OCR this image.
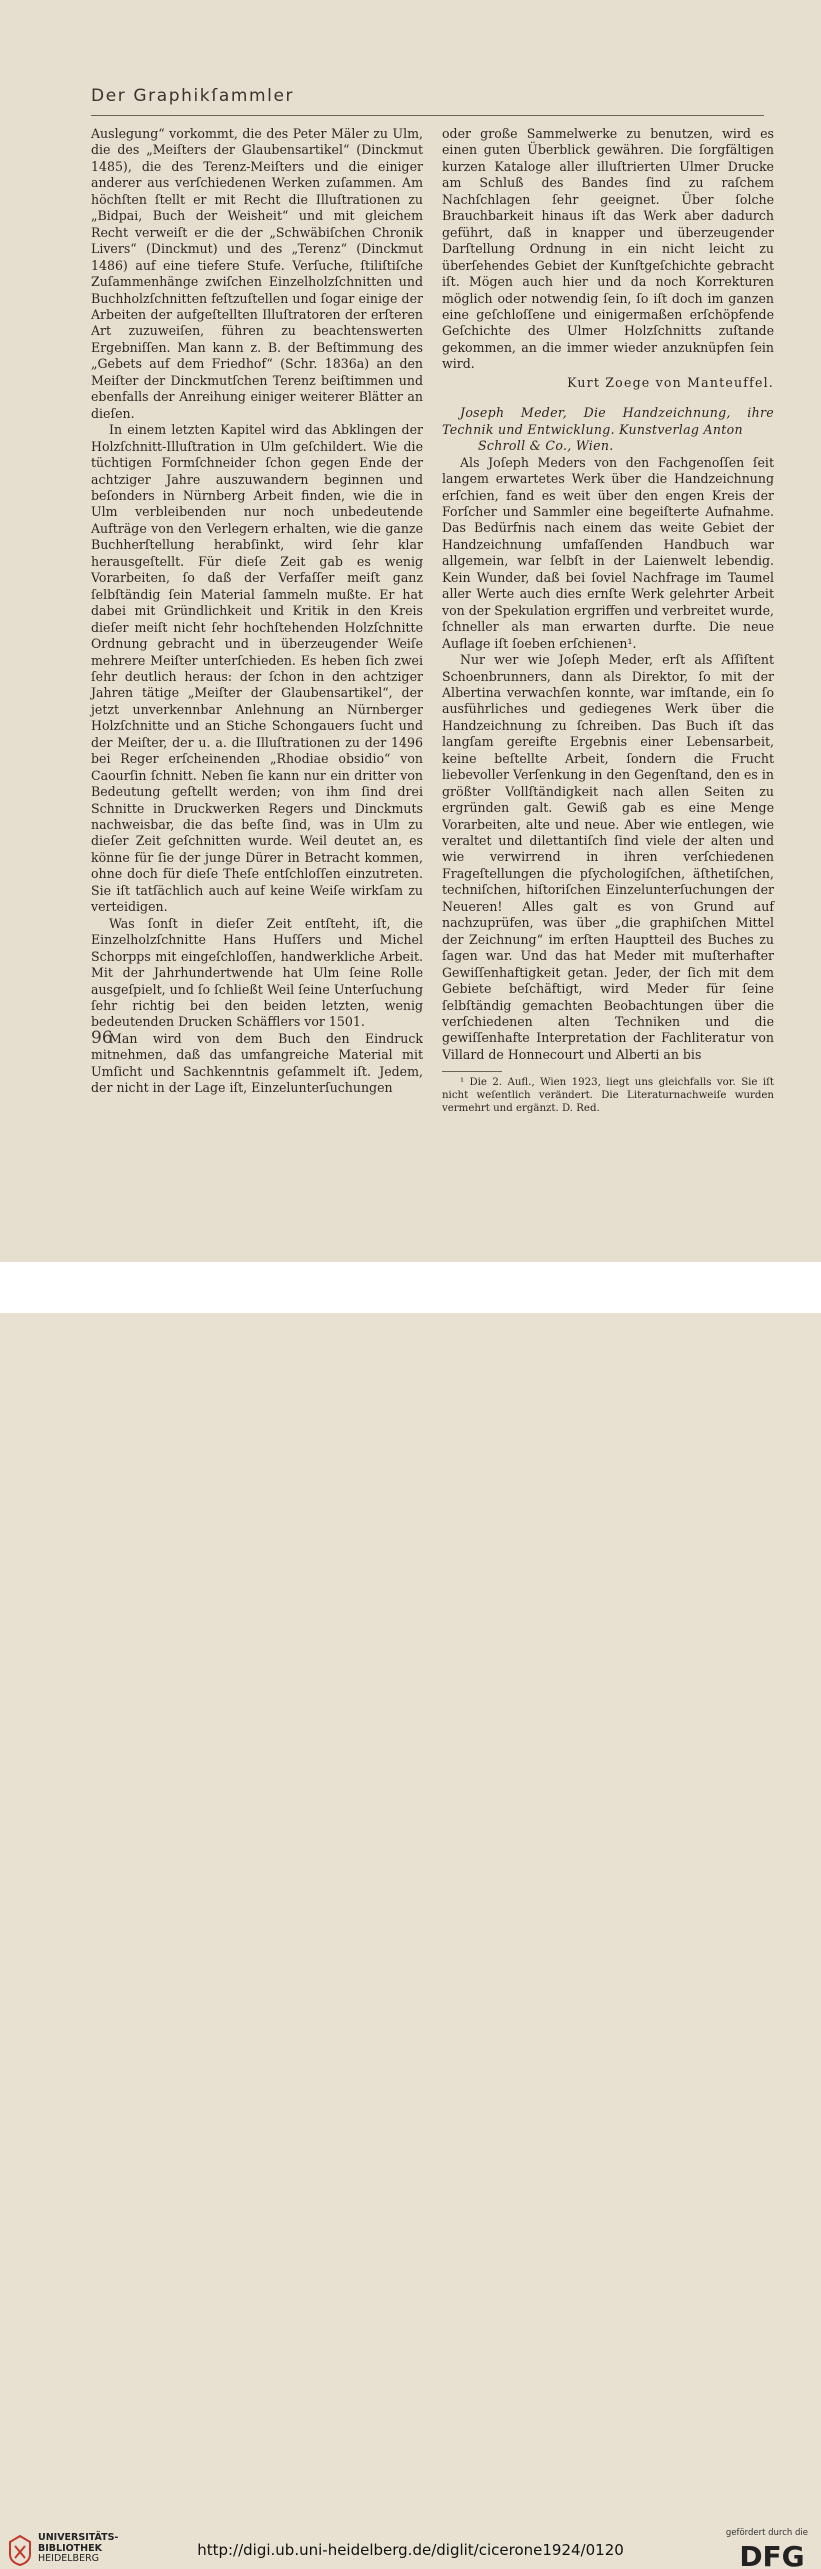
Der Graphikſammler

Auslegung“ vorkommt, die des Peter Mäler zu Ulm, die des „Meiſters der Glaubensartikel“ (Dinckmut 1485), die des Terenz-Meiſters und die einiger anderer aus verſchiedenen Werken zuſammen. Am höchſten ſtellt er mit Recht die Illuſtrationen zu „Bidpai, Buch der Weisheit“ und mit gleichem Recht verweiſt er die der „Schwäbiſchen Chronik Livers“ (Dinckmut) und des „Terenz“ (Dinckmut 1486) auf eine tiefere Stufe. Verſuche, ſtiliſtiſche Zuſammenhänge zwiſchen Einzelholzſchnitten und Buchholzſchnitten feſtzuſtellen und ſogar einige der Arbeiten der aufgeſtellten Illuſtratoren der erſteren Art zuzuweiſen, führen zu beachtenswerten Ergebniſſen. Man kann z. B. der Beſtimmung des „Gebets auf dem Friedhof“ (Schr. 1836a) an den Meiſter der Dinckmutſchen Terenz beiſtimmen und ebenfalls der Anreihung einiger weiterer Blätter an dieſen.

In einem letzten Kapitel wird das Abklingen der Holzſchnitt-Illuſtration in Ulm geſchildert. Wie die tüchtigen Formſchneider ſchon gegen Ende der achtziger Jahre auszuwandern beginnen und beſonders in Nürnberg Arbeit finden, wie die in Ulm verbleibenden nur noch unbedeutende Aufträge von den Verlegern erhalten, wie die ganze Buchherſtellung herabſinkt, wird ſehr klar herausgeſtellt. Für dieſe Zeit gab es wenig Vorarbeiten, ſo daß der Verfaſſer meiſt ganz ſelbſtändig ſein Material ſammeln mußte. Er hat dabei mit Gründlichkeit und Kritik in den Kreis dieſer meiſt nicht ſehr hochſtehenden Holzſchnitte Ordnung gebracht und in überzeugender Weiſe mehrere Meiſter unterſchieden. Es heben ſich zwei ſehr deutlich heraus: der ſchon in den achtziger Jahren tätige „Meiſter der Glaubensartikel“, der jetzt unverkennbar Anlehnung an Nürnberger Holzſchnitte und an Stiche Schongauers ſucht und der Meiſter, der u. a. die Illuſtrationen zu der 1496 bei Reger erſcheinenden „Rhodiae obsidio“ von Caourſin ſchnitt. Neben ſie kann nur ein dritter von Bedeutung geſtellt werden; von ihm ſind drei Schnitte in Druckwerken Regers und Dinckmuts nachweisbar, die das beſte ſind, was in Ulm zu dieſer Zeit geſchnitten wurde. Weil deutet an, es könne für ſie der junge Dürer in Betracht kommen, ohne doch für dieſe Theſe entſchloſſen einzutreten. Sie iſt tatſächlich auch auf keine Weiſe wirkſam zu verteidigen.

Was ſonſt in dieſer Zeit entſteht, iſt, die Einzelholzſchnitte Hans Huſſers und Michel Schorpps mit eingeſchloſſen, handwerkliche Arbeit. Mit der Jahrhundertwende hat Ulm ſeine Rolle ausgeſpielt, und ſo ſchließt Weil ſeine Unterſuchung ſehr richtig bei den beiden letzten, wenig bedeutenden Drucken Schäfflers vor 1501.

Man wird von dem Buch den Eindruck mitnehmen, daß das umfangreiche Material mit Umſicht und Sachkenntnis geſammelt iſt. Jedem, der nicht in der Lage iſt, Einzelunterſuchungen

oder große Sammelwerke zu benutzen, wird es einen guten Überblick gewähren. Die ſorgfältigen kurzen Kataloge aller illuſtrierten Ulmer Drucke am Schluß des Bandes ſind zu raſchem Nachſchlagen ſehr geeignet. Über ſolche Brauchbarkeit hinaus iſt das Werk aber dadurch geführt, daß in knapper und überzeugender Darſtellung Ordnung in ein nicht leicht zu überſehendes Gebiet der Kunſtgeſchichte gebracht iſt. Mögen auch hier und da noch Korrekturen möglich oder notwendig ſein, ſo iſt doch im ganzen eine geſchloſſene und einigermaßen erſchöpfende Geſchichte des Ulmer Holzſchnitts zuſtande gekommen, an die immer wieder anzuknüpfen ſein wird.

Kurt Zoege von Manteuffel.

Joseph Meder, Die Handzeichnung, ihre Technik und Entwicklung. Kunstverlag Anton
Schroll & Co., Wien.

Als Joſeph Meders von den Fachgenoſſen ſeit langem erwartetes Werk über die Handzeichnung erſchien, fand es weit über den engen Kreis der Forſcher und Sammler eine begeiſterte Aufnahme. Das Bedürfnis nach einem das weite Gebiet der Handzeichnung umfaſſenden Handbuch war allgemein, war ſelbſt in der Laienwelt lebendig. Kein Wunder, daß bei ſoviel Nachfrage im Taumel aller Werte auch dies ernſte Werk gelehrter Arbeit von der Spekulation ergriffen und verbreitet wurde, ſchneller als man erwarten durfte. Die neue Auflage iſt ſoeben erſchienen¹.

Nur wer wie Joſeph Meder, erſt als Aſſiſtent Schoenbrunners, dann als Direktor, ſo mit der Albertina verwachſen konnte, war imſtande, ein ſo ausführliches und gediegenes Werk über die Handzeichnung zu ſchreiben. Das Buch iſt das langſam gereifte Ergebnis einer Lebensarbeit, keine beſtellte Arbeit, ſondern die Frucht liebevoller Verſenkung in den Gegenſtand, den es in größter Vollſtändigkeit nach allen Seiten zu ergründen galt. Gewiß gab es eine Menge Vorarbeiten, alte und neue. Aber wie entlegen, wie veraltet und dilettantiſch ſind viele der alten und wie verwirrend in ihren verſchiedenen Frageſtellungen die pſychologiſchen, äſthetiſchen, techniſchen, hiſtoriſchen Einzelunterſuchungen der Neueren! Alles galt es von Grund auf nachzuprüfen, was über „die graphiſchen Mittel der Zeichnung“ im erſten Hauptteil des Buches zu ſagen war. Und das hat Meder mit muſterhafter Gewiſſenhaftigkeit getan. Jeder, der ſich mit dem Gebiete beſchäftigt, wird Meder für ſeine ſelbſtändig gemachten Beobachtungen über die verſchiedenen alten Techniken und die gewiſſenhafte Interpretation der Fachliteratur von Villard de Honnecourt und Alberti an bis

¹ Die 2. Aufl., Wien 1923, liegt uns gleichfalls vor. Sie iſt nicht weſentlich verändert. Die Literaturnachweiſe wurden vermehrt und ergänzt. D. Red.

96
UNIVERSITÄTS-
BIBLIOTHEK
HEIDELBERG	http://digi.ub.uni-heidelberg.de/diglit/cicerone1924/0120
gefördert durch die
DFG
